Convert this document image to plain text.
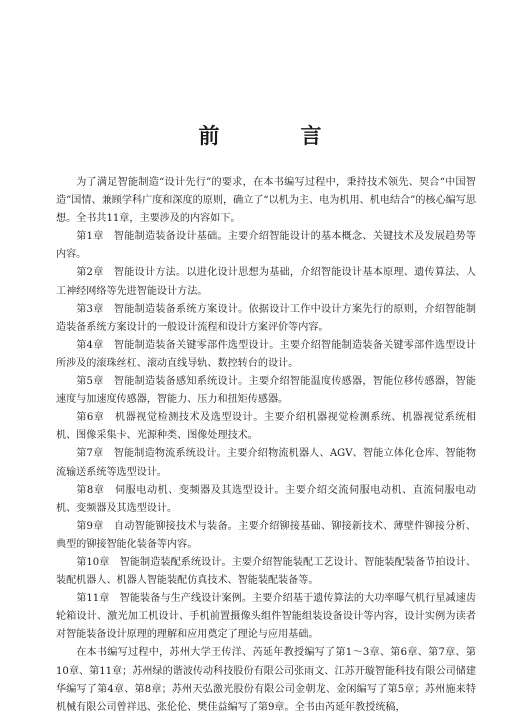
前　言

为了满足智能制造“设计先行”的要求，在本书编写过程中，秉持技术领先、契合“中国智造”国情、兼顾学科广度和深度的原则，确立了“以机为主、电为机用、机电结合”的核心编写思想。全书共11章，主要涉及的内容如下。

第1章　智能制造装备设计基础。主要介绍智能设计的基本概念、关键技术及发展趋势等内容。

第2章　智能设计方法。以进化设计思想为基础，介绍智能设计基本原理、遗传算法、人工神经网络等先进智能设计方法。

第3章　智能制造装备系统方案设计。依据设计工作中设计方案先行的原则，介绍智能制造装备系统方案设计的一般设计流程和设计方案评价等内容。

第4章　智能制造装备关键零部件选型设计。主要介绍智能制造装备关键零部件选型设计所涉及的滚珠丝杠、滚动直线导轨、数控转台的设计。

第5章　智能制造装备感知系统设计。主要介绍智能温度传感器，智能位移传感器，智能速度与加速度传感器，智能力、压力和扭矩传感器。

第6章　机器视觉检测技术及选型设计。主要介绍机器视觉检测系统、机器视觉系统相机、图像采集卡、光源种类、图像处理技术。

第7章　智能制造物流系统设计。主要介绍物流机器人、AGV、智能立体化仓库、智能物流输送系统等选型设计。

第8章　伺服电动机、变频器及其选型设计。主要介绍交流伺服电动机、直流伺服电动机、变频器及其选型设计。

第9章　自动智能铆接技术与装备。主要介绍铆接基础、铆接新技术、薄壁件铆接分析、典型的铆接智能化装备等内容。

第10章　智能制造装配系统设计。主要介绍智能装配工艺设计、智能装配装备节拍设计、装配机器人、机器人智能装配仿真技术、智能装配装备等。

第11章　智能装备与生产线设计案例。主要介绍基于遗传算法的大功率曝气机行星减速齿轮箱设计、激光加工机设计、手机前置摄像头组件智能组装设备设计等内容，设计实例为读者对智能装备设计原理的理解和应用奠定了理论与应用基础。

在本书编写过程中，苏州大学王传洋、芮延年教授编写了第1～3章、第6章、第7章、第10章、第11章；苏州绿的谐波传动科技股份有限公司张雨文、江苏开璇智能科技有限公司储建华编写了第4章、第8章；苏州天弘激光股份有限公司金朝龙、金闲编写了第5章；苏州施来特机械有限公司曾祥迅、张伦伦、樊佳益编写了第9章。全书由芮延年教授统稿，
